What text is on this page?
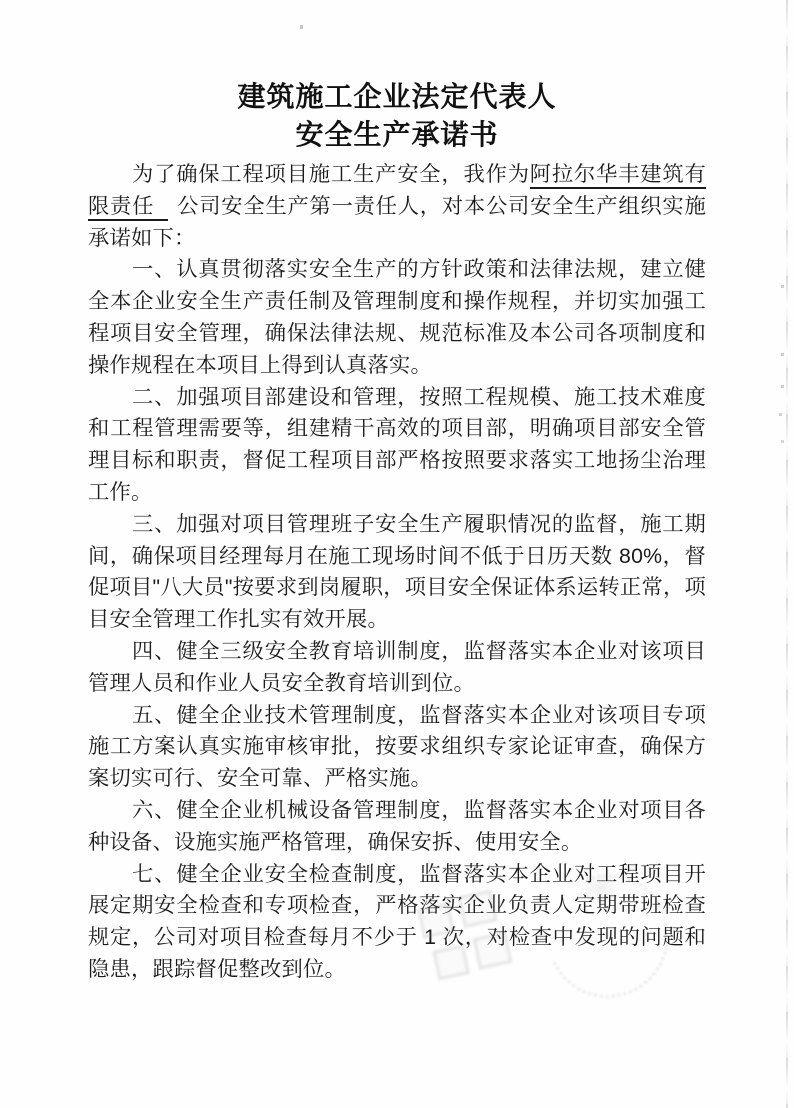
建筑施工企业法定代表人
安全生产承诺书

为了确保工程项目施工生产安全，我作为阿拉尔华丰建筑有限责任 公司安全生产第一责任人，对本公司安全生产组织实施承诺如下：

一、认真贯彻落实安全生产的方针政策和法律法规，建立健全本企业安全生产责任制及管理制度和操作规程，并切实加强工程项目安全管理，确保法律法规、规范标准及本公司各项制度和操作规程在本项目上得到认真落实。

二、加强项目部建设和管理，按照工程规模、施工技术难度和工程管理需要等，组建精干高效的项目部，明确项目部安全管理目标和职责，督促工程项目部严格按照要求落实工地扬尘治理工作。

三、加强对项目管理班子安全生产履职情况的监督，施工期间，确保项目经理每月在施工现场时间不低于日历天数 80%，督促项目"八大员"按要求到岗履职，项目安全保证体系运转正常，项目安全管理工作扎实有效开展。

四、健全三级安全教育培训制度，监督落实本企业对该项目管理人员和作业人员安全教育培训到位。

五、健全企业技术管理制度，监督落实本企业对该项目专项施工方案认真实施审核审批，按要求组织专家论证审查，确保方案切实可行、安全可靠、严格实施。

六、健全企业机械设备管理制度，监督落实本企业对项目各种设备、设施实施严格管理，确保安拆、使用安全。

七、健全企业安全检查制度，监督落实本企业对工程项目开展定期安全检查和专项检查，严格落实企业负责人定期带班检查规定，公司对项目检查每月不少于 1 次，对检查中发现的问题和隐患，跟踪督促整改到位。
